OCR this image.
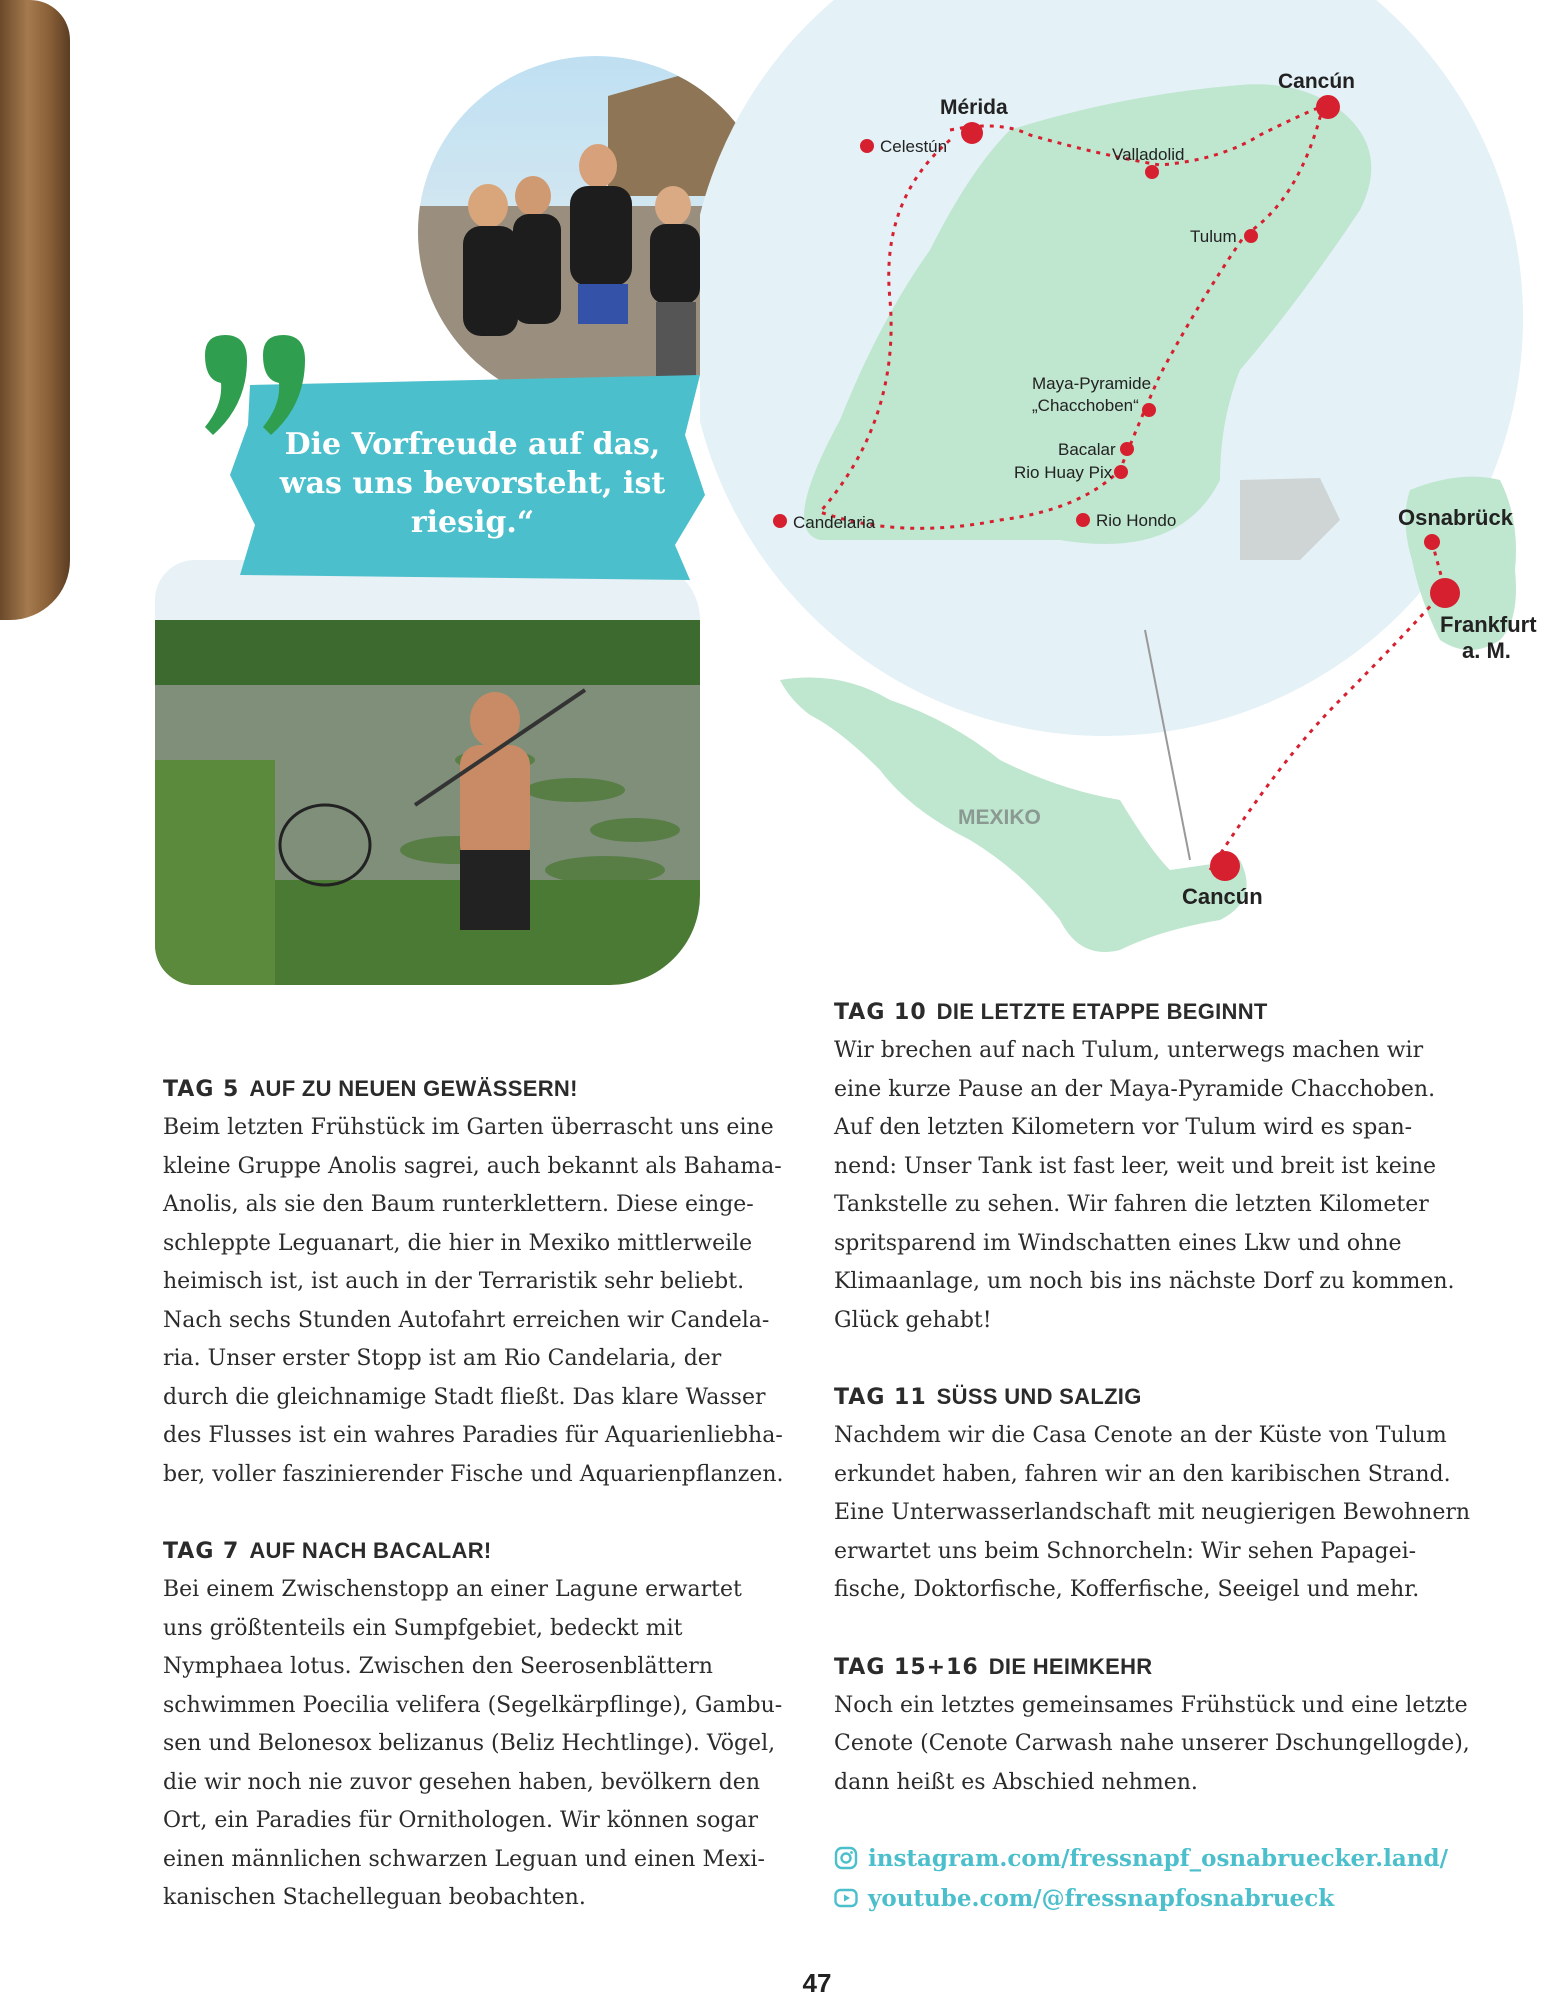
Die Vorfreude auf das, was uns bevorsteht, ist riesig.“
Mérida
Cancún
Celestún	Valladolid
Tulum
Maya-Pyramide
„Chacchoben“
Bacalar
Rio Huay Pix
Candelaria	Rio Hondo	Osnabrück
Frankfurt
a. M.
Cancún
MEXIKO

TAG 5 AUF ZU NEUEN GEWÄSSERN!

Beim letzten Frühstück im Garten überrascht uns eine kleine Gruppe Anolis sagrei, auch bekannt als Bahama-Anolis, als sie den Baum runterklettern. Diese einge-schleppte Leguanart, die hier in Mexiko mittlerweile heimisch ist, ist auch in der Terraristik sehr beliebt. Nach sechs Stunden Autofahrt erreichen wir Candela-ria. Unser erster Stopp ist am Rio Candelaria, der durch die gleichnamige Stadt fließt. Das klare Wasser des Flusses ist ein wahres Paradies für Aquarienliebha-ber, voller faszinierender Fische und Aquarienpflanzen.

TAG 7 AUF NACH BACALAR!

Bei einem Zwischenstopp an einer Lagune erwartet uns größtenteils ein Sumpfgebiet, bedeckt mit Nymphaea lotus. Zwischen den Seerosenblättern schwimmen Poecilia velifera (Segelkärpflinge), Gambu-sen und Belonesox belizanus (Beliz Hechtlinge). Vögel, die wir noch nie zuvor gesehen haben, bevölkern den Ort, ein Paradies für Ornithologen. Wir können sogar einen männlichen schwarzen Leguan und einen Mexi-kanischen Stachelleguan beobachten.

TAG 10 DIE LETZTE ETAPPE BEGINNT

Wir brechen auf nach Tulum, unterwegs machen wir eine kurze Pause an der Maya-Pyramide Chacchoben. Auf den letzten Kilometern vor Tulum wird es span-nend: Unser Tank ist fast leer, weit und breit ist keine Tankstelle zu sehen. Wir fahren die letzten Kilometer spritsparend im Windschatten eines Lkw und ohne Klimaanlage, um noch bis ins nächste Dorf zu kommen. Glück gehabt!

TAG 11 SÜSS UND SALZIG

Nachdem wir die Casa Cenote an der Küste von Tulum erkundet haben, fahren wir an den karibischen Strand. Eine Unterwasserlandschaft mit neugierigen Bewohnern erwartet uns beim Schnorcheln: Wir sehen Papagei-fische, Doktorfische, Kofferfische, Seeigel und mehr.

TAG 15+16 DIE HEIMKEHR

Noch ein letztes gemeinsames Frühstück und eine letzte Cenote (Cenote Carwash nahe unserer Dschungellogde), dann heißt es Abschied nehmen.

instagram.com/fressnapf_osnabruecker.land/
youtube.com/@fressnapfosnabrueck
47
